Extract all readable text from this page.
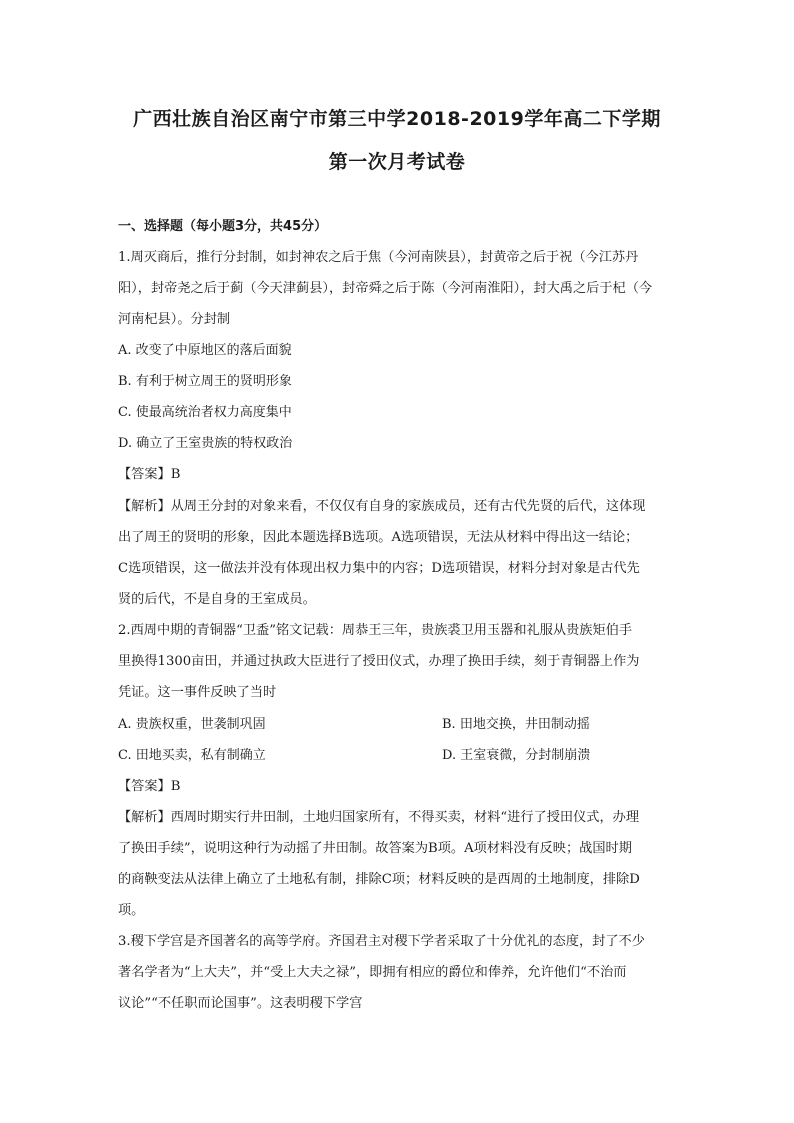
广西壮族自治区南宁市第三中学2018-2019学年高二下学期
第一次月考试卷
一、选择题（每小题3分，共45分）
1.周灭商后，推行分封制，如封神农之后于焦（今河南陕县），封黄帝之后于祝（今江苏丹
阳），封帝尧之后于蓟（今天津蓟县），封帝舜之后于陈（今河南淮阳），封大禹之后于杞（今
河南杞县）。分封制
A. 改变了中原地区的落后面貌
B. 有利于树立周王的贤明形象
C. 使最高统治者权力高度集中
D. 确立了王室贵族的特权政治
【答案】B
【解析】从周王分封的对象来看，不仅仅有自身的家族成员，还有古代先贤的后代，这体现
出了周王的贤明的形象，因此本题选择B选项。A选项错误，无法从材料中得出这一结论；
C选项错误，这一做法并没有体现出权力集中的内容；D选项错误，材料分封对象是古代先
贤的后代，不是自身的王室成员。
2.西周中期的青铜器“卫盉”铭文记载：周恭王三年，贵族裘卫用玉器和礼服从贵族矩伯手
里换得1300亩田，并通过执政大臣进行了授田仪式，办理了换田手续，刻于青铜器上作为
凭证。这一事件反映了当时
A. 贵族权重，世袭制巩固	B. 田地交换，井田制动摇
C. 田地买卖，私有制确立	D. 王室衰微，分封制崩溃
【答案】B
【解析】西周时期实行井田制，土地归国家所有，不得买卖，材料“进行了授田仪式，办理
了换田手续”，说明这种行为动摇了井田制。故答案为B项。A项材料没有反映；战国时期
的商鞅变法从法律上确立了土地私有制，排除C项；材料反映的是西周的土地制度，排除D
项。
3.稷下学宫是齐国著名的高等学府。齐国君主对稷下学者采取了十分优礼的态度，封了不少
著名学者为“上大夫”，并“受上大夫之禄”，即拥有相应的爵位和俸养，允许他们“不治而
议论”“不任职而论国事”。这表明稷下学宫
